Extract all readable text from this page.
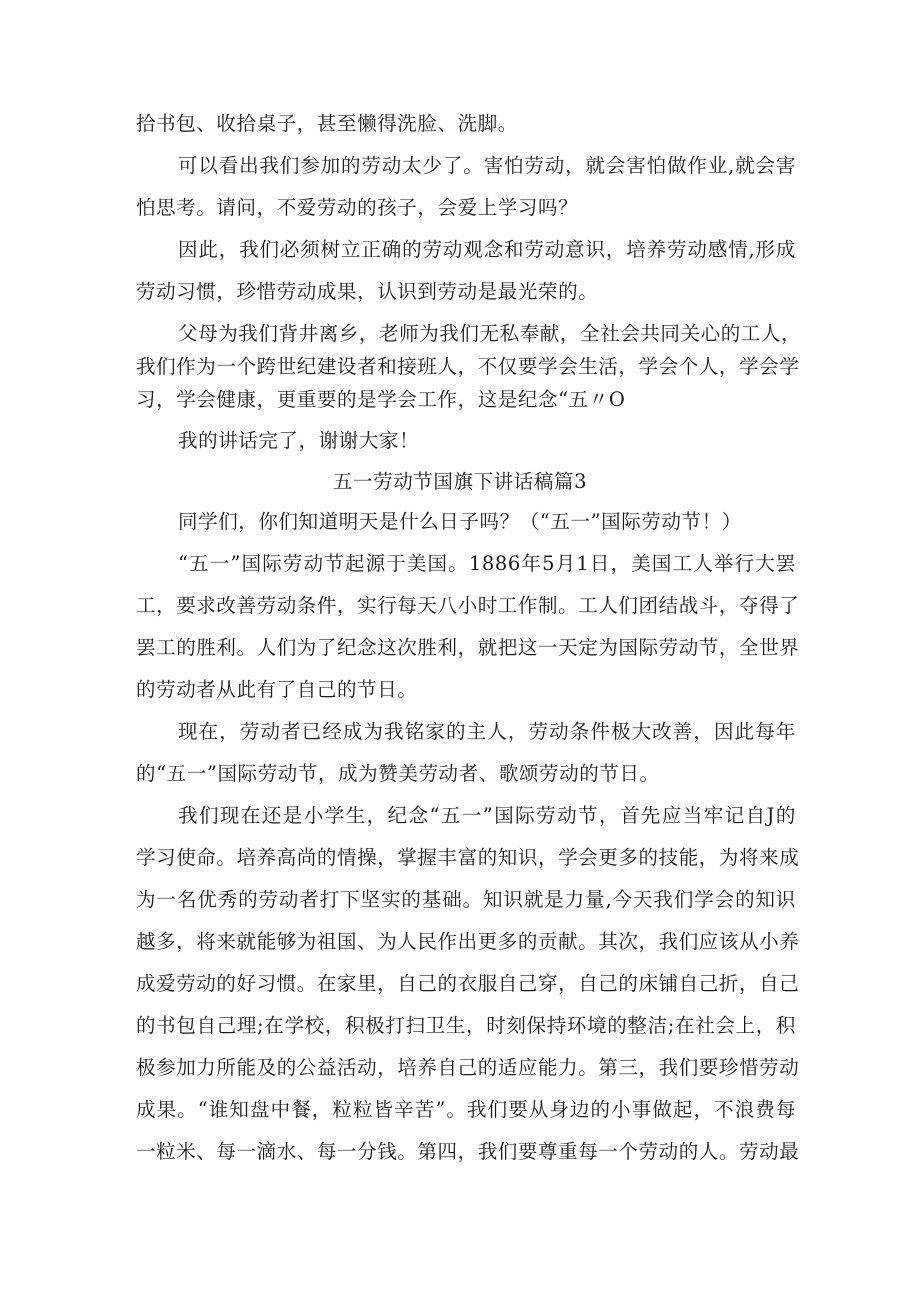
拾书包、收拾桌子，甚至懒得洗脸、洗脚。
可以看出我们参加的劳动太少了。害怕劳动，就会害怕做作业,就会害
怕思考。请问，不爱劳动的孩子，会爱上学习吗？
因此，我们必须树立正确的劳动观念和劳动意识，培养劳动感情,形成
劳动习惯，珍惜劳动成果，认识到劳动是最光荣的。
父母为我们背井离乡，老师为我们无私奉献，全社会共同关心的工人，
我们作为一个跨世纪建设者和接班人，不仅要学会生活，学会个人，学会学
习，学会健康，更重要的是学会工作，这是纪念“五〃O
我的讲话完了，谢谢大家！
五一劳动节国旗下讲话稿篇3
同学们，你们知道明天是什么日子吗？（“五一”国际劳动节！）
“五一”国际劳动节起源于美国。1886年5月1日，美国工人举行大罢
工，要求改善劳动条件，实行每天八小时工作制。工人们团结战斗，夺得了
罢工的胜利。人们为了纪念这次胜利，就把这一天定为国际劳动节，全世界
的劳动者从此有了自己的节日。
现在，劳动者已经成为我铭家的主人，劳动条件极大改善，因此每年
的“五一”国际劳动节，成为赞美劳动者、歌颂劳动的节日。
我们现在还是小学生，纪念“五一”国际劳动节，首先应当牢记自J的
学习使命。培养高尚的情操，掌握丰富的知识，学会更多的技能，为将来成
为一名优秀的劳动者打下坚实的基础。知识就是力量,今天我们学会的知识
越多，将来就能够为祖国、为人民作出更多的贡献。其次，我们应该从小养
成爱劳动的好习惯。在家里，自己的衣服自己穿，自己的床铺自己折，自己
的书包自己理;在学校，积极打扫卫生，时刻保持环境的整洁;在社会上，积
极参加力所能及的公益活动，培养自己的适应能力。第三，我们要珍惜劳动
成果。“谁知盘中餐，粒粒皆辛苦”。我们要从身边的小事做起，不浪费每
一粒米、每一滴水、每一分钱。第四，我们要尊重每一个劳动的人。劳动最
